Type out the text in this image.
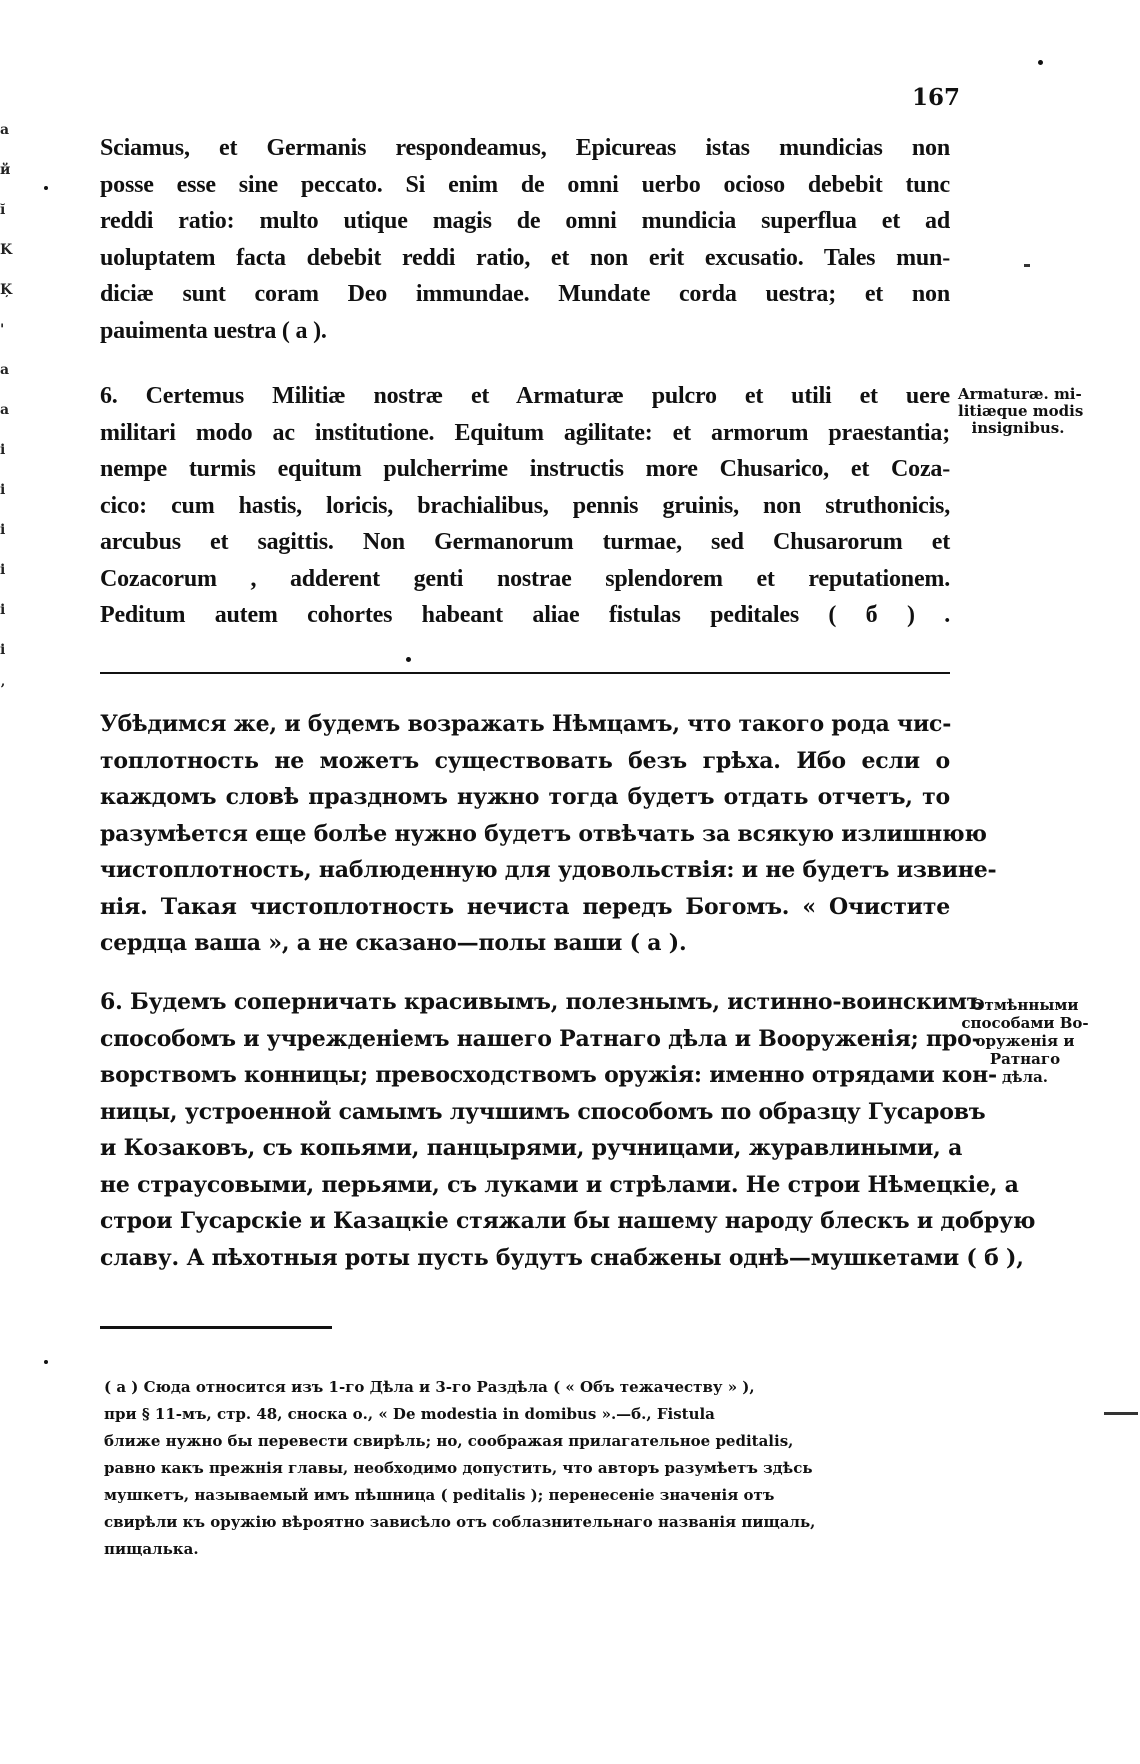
a
й
ĭ
K
Ķ
'
a
a
i
i
i
i
i
i
ʼ
167
Sciamus, et Germanis respondeamus, Epicureas istas mundicias non
posse esse sine peccato. Si enim de omni uerbo ocioso debebit tunc
reddi ratio: multo utique magis de omni mundicia superflua et ad
uoluptatem facta debebit reddi ratio, et non erit excusatio. Tales mun-
diciæ sunt coram Deo immundae. Mundate corda uestra; et non
pauimenta uestra ( a ).
6. Certemus Militiæ nostræ et Armaturæ pulcro et utili et uere
militari modo ac institutione. Equitum agilitate: et armorum praestantia;
nempe turmis equitum pulcherrime instructis more Chusarico, et Coza-
cico: cum hastis, loricis, brachialibus, pennis gruinis, non struthonicis,
arcubus et sagittis. Non Germanorum turmae, sed Chusarorum et
Cozacorum , adderent genti nostrae splendorem et reputationem.
Peditum autem cohortes habeant aliae fistulas peditales ( б ) .
Armaturæ. mi-
litiæque modis
insignibus.
Убѣдимся же, и будемъ возражать Нѣмцамъ, что такого рода чис-
топлотность не можетъ существовать безъ грѣха. Ибо если о
каждомъ словѣ праздномъ нужно тогда будетъ отдать отчетъ, то
разумѣется еще болѣе нужно будетъ отвѣчать за всякую излишнюю
чистоплотность, наблюденную для удовольствія: и не будетъ извине-
нія. Такая чистоплотность нечиста передъ Богомъ. « Очистите
сердца ваша », а не сказано—полы ваши ( а ).
6. Будемъ соперничать красивымъ, полезнымъ, истинно-воинскимъ
способомъ и учрежденіемъ нашего Ратнаго дѣла и Вооруженія; про-
ворствомъ конницы; превосходствомъ оружія: именно отрядами кон-
ницы, устроенной самымъ лучшимъ способомъ по образцу Гусаровъ
и Козаковъ, съ копьями, панцырями, ручницами, журавлиными, а
не страусовыми, перьями, съ луками и стрѣлами. Не строи Нѣмецкіе, а
строи Гусарскіе и Казацкіе стяжали бы нашему народу блескъ и добрую
славу. А пѣхотныя роты пусть будутъ снабжены однѣ—мушкетами ( б ),
Отмѣнными
способами Во-
оруженія и
Ратнаго
дѣла.
( а ) Сюда относится изъ 1-го Дѣла и 3-го Раздѣла ( « Объ тежачеству » ),
при § 11-мъ, стр. 48, сноска о., « De modestia in domibus ».—б., Fistula
ближе нужно бы перевести свирѣль; но, соображая прилагательное peditalis,
равно какъ прежнія главы, необходимо допустить, что авторъ разумѣетъ здѣсь
мушкетъ, называемый имъ пѣшница ( peditalis ); перенесеніе значенія отъ
свирѣли къ оружію вѣроятно зависѣло отъ соблазнительнаго названія пищаль,
пищалька.
